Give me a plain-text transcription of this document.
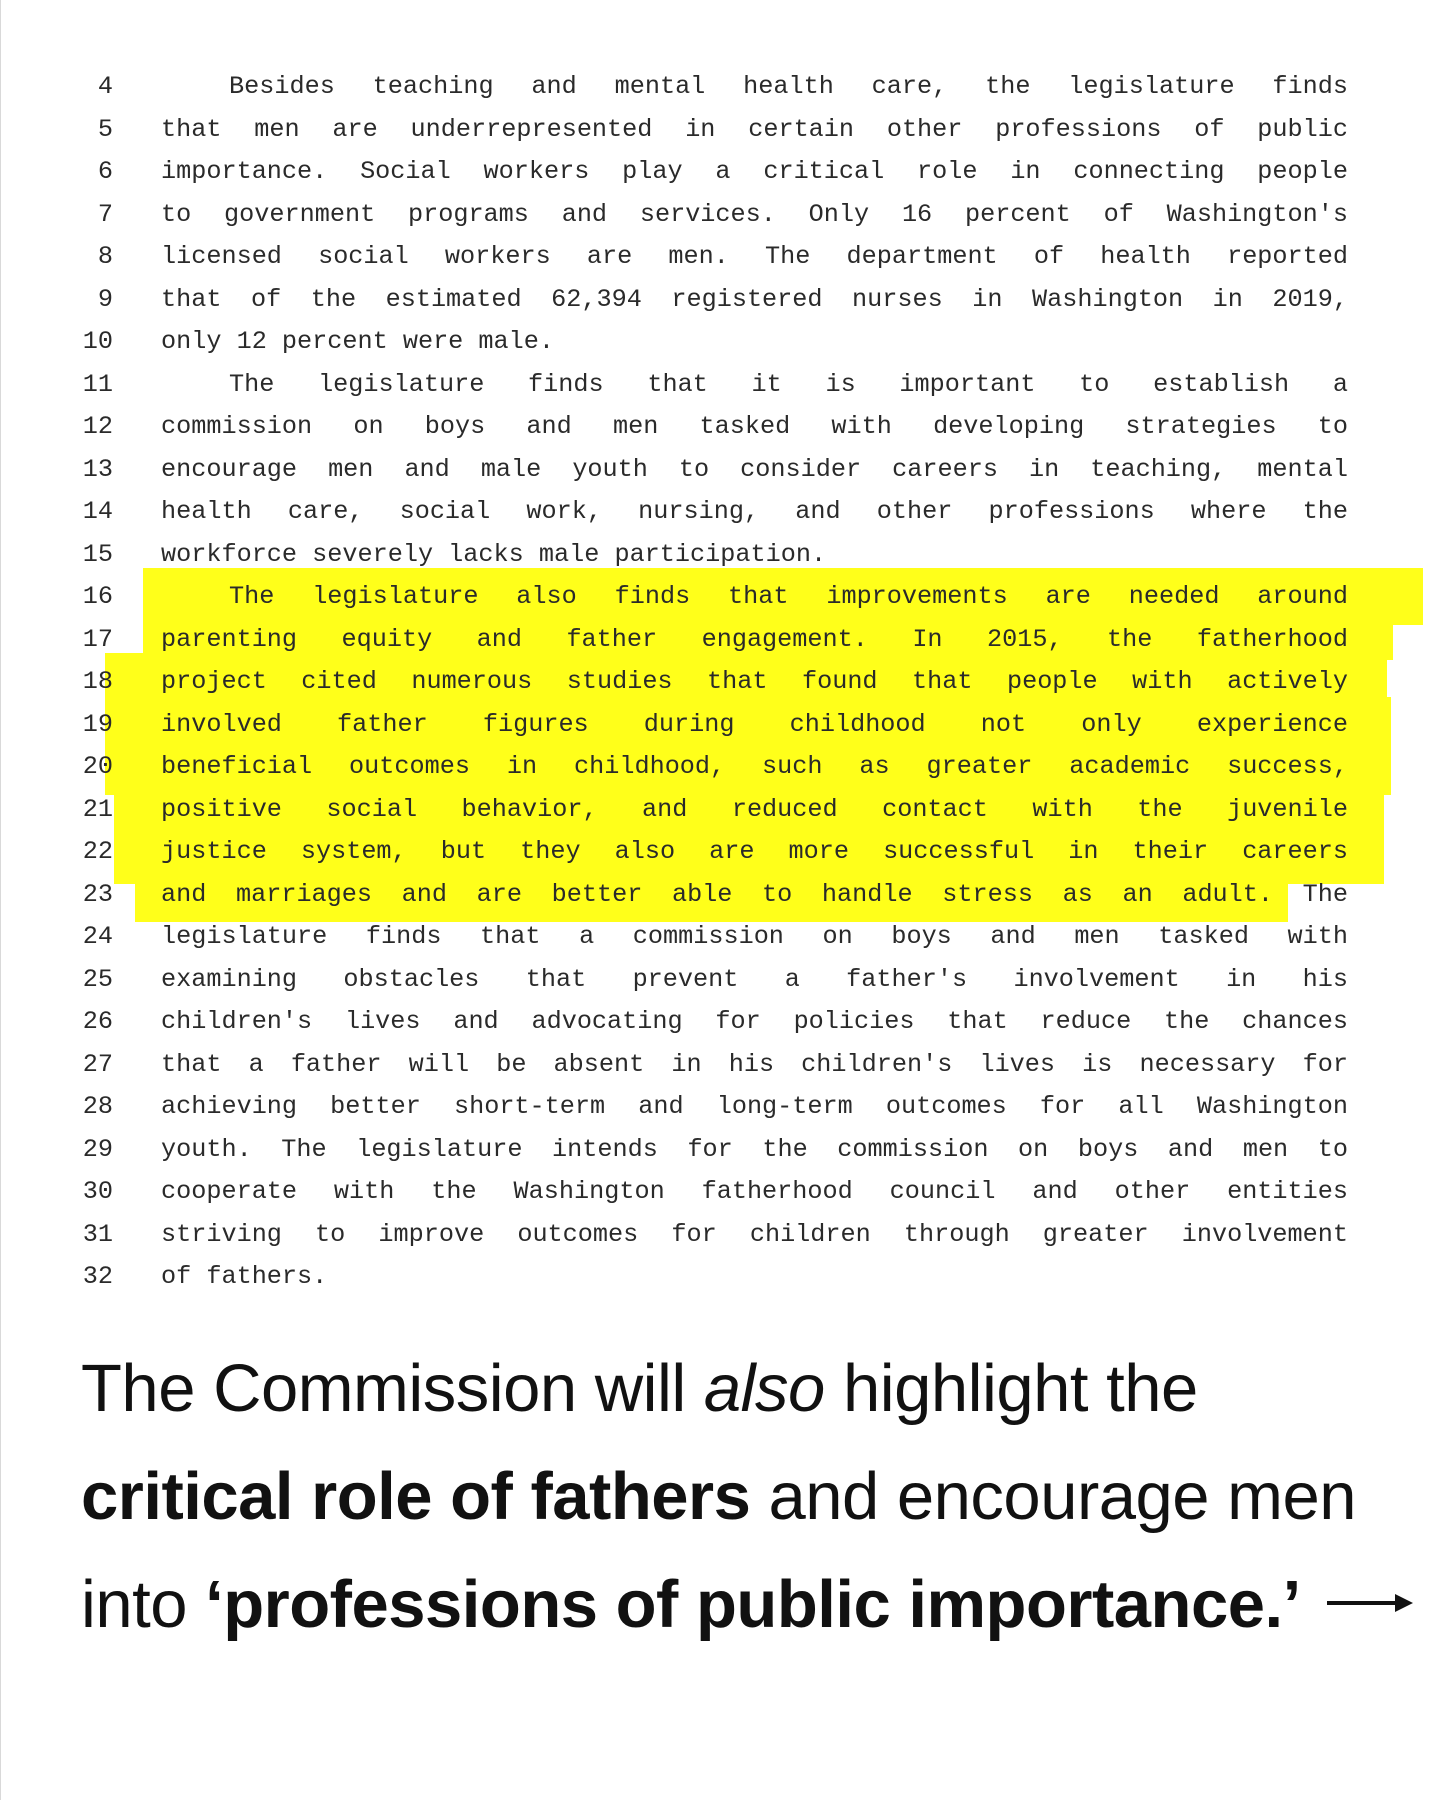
4	Besides teaching and mental health care, the legislature finds
5 that men are underrepresented in certain other professions of public
6 importance. Social workers play a critical role in connecting people
7 to government programs and services. Only 16 percent of Washington's
8 licensed social workers are men. The department of health reported
9 that of the estimated 62,394 registered nurses in Washington in 2019,
10 only 12 percent were male.
11	The legislature finds that it is important to establish a
12 commission on boys and men tasked with developing strategies to
13 encourage men and male youth to consider careers in teaching, mental
14 health care, social work, nursing, and other professions where the
15 workforce severely lacks male participation.
16	The legislature also finds that improvements are needed around
17 parenting equity and father engagement. In 2015, the fatherhood
18 project cited numerous studies that found that people with actively
19 involved father figures during childhood not only experience
20 beneficial outcomes in childhood, such as greater academic success,
21 positive social behavior, and reduced contact with the juvenile
22 justice system, but they also are more successful in their careers
23 and marriages and are better able to handle stress as an adult. The
24 legislature finds that a commission on boys and men tasked with
25 examining obstacles that prevent a father's involvement in his
26 children's lives and advocating for policies that reduce the chances
27 that a father will be absent in his children's lives is necessary for
28 achieving better short-term and long-term outcomes for all Washington
29 youth. The legislature intends for the commission on boys and men to
30 cooperate with the Washington fatherhood council and other entities
31 striving to improve outcomes for children through greater involvement
32 of fathers.
The Commission will also highlight the
critical role of fathers and encourage men
into ‘professions of public importance.’
